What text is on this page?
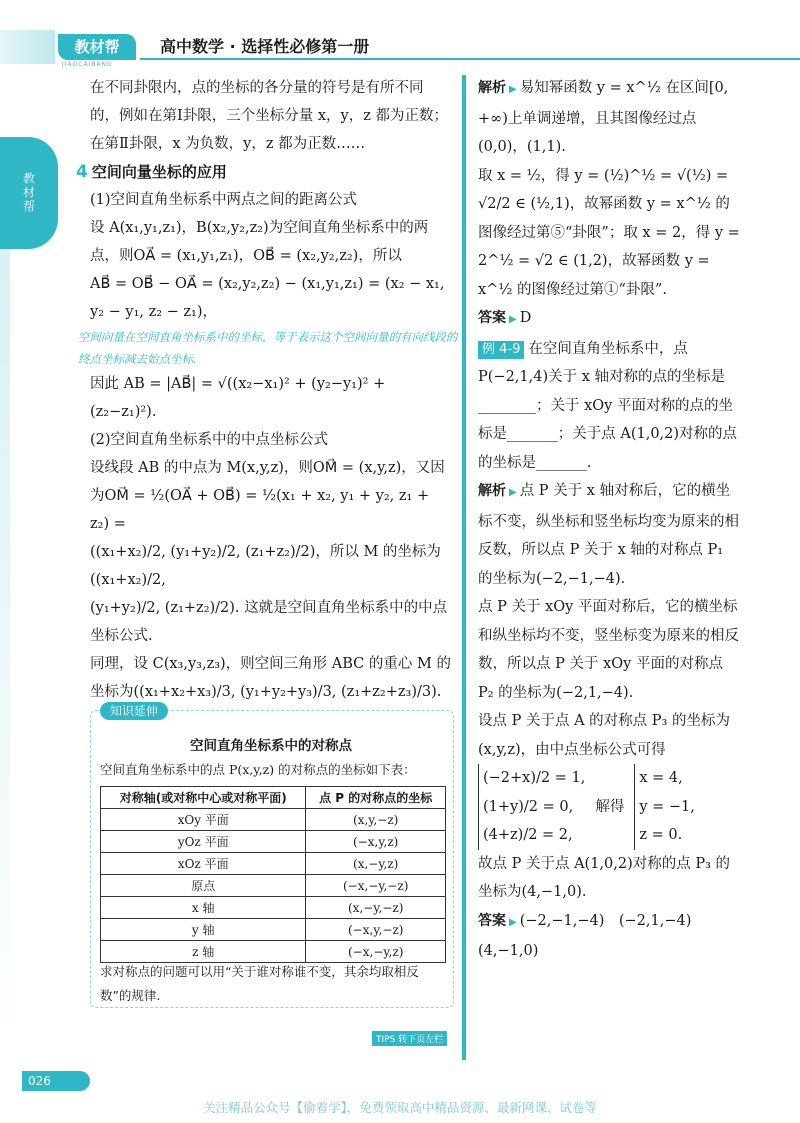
教材帮
JIAOCAIBANG
高中数学 · 选择性必修第一册
教材帮

在不同卦限内，点的坐标的各分量的符号是有所不同的，例如在第Ⅰ卦限，三个坐标分量 x，y，z 都为正数；在第Ⅱ卦限，x 为负数，y，z 都为正数……

4 空间向量坐标的应用

(1)空间直角坐标系中两点之间的距离公式

设 A(x₁,y₁,z₁)，B(x₂,y₂,z₂)为空间直角坐标系中的两点，则OA⃗ = (x₁,y₁,z₁)，OB⃗ = (x₂,y₂,z₂)，所以

AB⃗ = OB⃗ − OA⃗ = (x₂,y₂,z₂) − (x₁,y₁,z₁) = (x₂ − x₁, y₂ − y₁, z₂ − z₁)，

空间向量在空间直角坐标系中的坐标，等于表示这个空间向量的有向线段的终点坐标减去始点坐标.

因此 AB = |AB⃗| = √((x₂−x₁)² + (y₂−y₁)² + (z₂−z₁)²).

(2)空间直角坐标系中的中点坐标公式

设线段 AB 的中点为 M(x,y,z)，则OM⃗ = (x,y,z)，又因为OM⃗ = ½(OA⃗ + OB⃗) = ½(x₁ + x₂, y₁ + y₂, z₁ + z₂) =

((x₁+x₂)/2, (y₁+y₂)/2, (z₁+z₂)/2)，所以 M 的坐标为((x₁+x₂)/2,

(y₁+y₂)/2, (z₁+z₂)/2). 这就是空间直角坐标系中的中点坐标公式.

同理，设 C(x₃,y₃,z₃)，则空间三角形 ABC 的重心 M 的坐标为((x₁+x₂+x₃)/3, (y₁+y₂+y₃)/3, (z₁+z₂+z₃)/3).

知识延伸
空间直角坐标系中的对称点
空间直角坐标系中的点 P(x,y,z) 的对称点的坐标如下表：
对称轴(或对称中心或对称平面)	点 P 的对称点的坐标
xOy 平面	(x,y,−z)
yOz 平面	(−x,y,z)
xOz 平面	(x,−y,z)
原点	(−x,−y,−z)
x 轴	(x,−y,−z)
y 轴	(−x,y,−z)
z 轴	(−x,−y,z)
求对称点的问题可以用“关于谁对称谁不变，其余均取相反数”的规律.
TIPS 转下页左栏

解析 ▶ 易知幂函数 y = x^½ 在区间[0, +∞)上单调递增，且其图像经过点(0,0)，(1,1).

取 x = ½，得 y = (½)^½ = √(½) = √2/2 ∈ (½,1)，故幂函数 y = x^½ 的图像经过第⑤“卦限”；取 x = 2，得 y = 2^½ = √2 ∈ (1,2)，故幂函数 y = x^½ 的图像经过第①“卦限”.

答案 ▶ D

例 4-9 在空间直角坐标系中，点 P(−2,1,4)关于 x 轴对称的点的坐标是________；关于 xOy 平面对称的点的坐标是_______；关于点 A(1,0,2)对称的点的坐标是_______.

解析 ▶ 点 P 关于 x 轴对称后，它的横坐标不变，纵坐标和竖坐标均变为原来的相反数，所以点 P 关于 x 轴的对称点 P₁ 的坐标为(−2,−1,−4).

点 P 关于 xOy 平面对称后，它的横坐标和纵坐标均不变，竖坐标变为原来的相反数，所以点 P 关于 xOy 平面的对称点 P₂ 的坐标为(−2,1,−4).

设点 P 关于点 A 的对称点 P₃ 的坐标为(x,y,z)，由中点坐标公式可得

(−2+x)/2 = 1,
(1+y)/2 = 0,
(4+z)/2 = 2,
解得
x = 4,
y = −1,
z = 0.

故点 P 关于点 A(1,0,2)对称的点 P₃ 的坐标为(4,−1,0).

答案 ▶ (−2,−1,−4)　(−2,1,−4)　(4,−1,0)

026
关注精品公众号【偷着学】，免费领取高中精品资源、最新网课、试卷等
